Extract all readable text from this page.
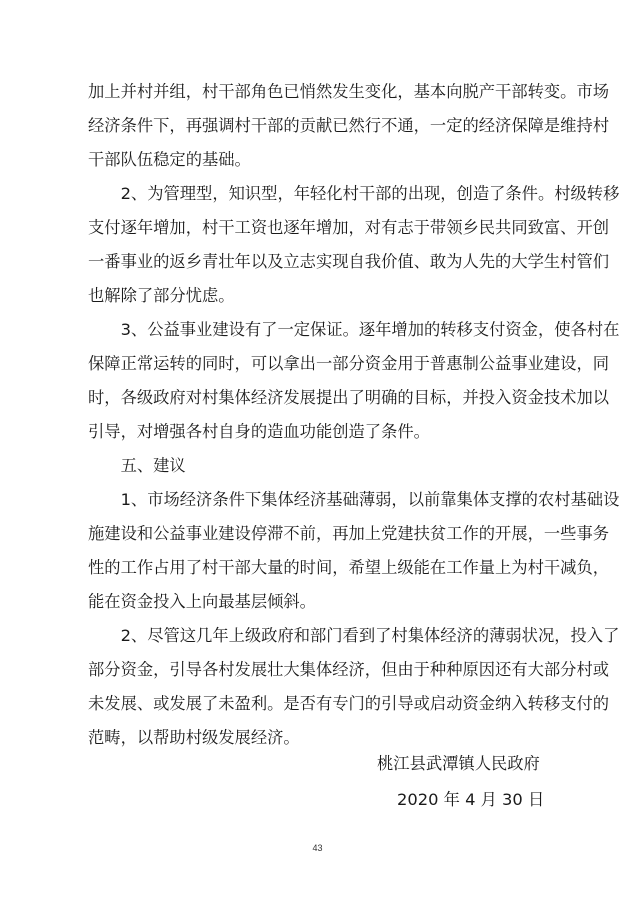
加上并村并组，村干部角色已悄然发生变化，基本向脱产干部转变。市场
经济条件下，再强调村干部的贡献已然行不通，一定的经济保障是维持村
干部队伍稳定的基础。
　　2、为管理型，知识型，年轻化村干部的出现，创造了条件。村级转移
支付逐年增加，村干工资也逐年增加，对有志于带领乡民共同致富、开创
一番事业的返乡青壮年以及立志实现自我价值、敢为人先的大学生村管们
也解除了部分忧虑。
　　3、公益事业建设有了一定保证。逐年增加的转移支付资金，使各村在
保障正常运转的同时，可以拿出一部分资金用于普惠制公益事业建设，同
时，各级政府对村集体经济发展提出了明确的目标，并投入资金技术加以
引导，对增强各村自身的造血功能创造了条件。
　　五、建议
　　1、市场经济条件下集体经济基础薄弱，以前靠集体支撑的农村基础设
施建设和公益事业建设停滞不前，再加上党建扶贫工作的开展，一些事务
性的工作占用了村干部大量的时间，希望上级能在工作量上为村干减负，
能在资金投入上向最基层倾斜。
　　2、尽管这几年上级政府和部门看到了村集体经济的薄弱状况，投入了
部分资金，引导各村发展壮大集体经济，但由于种种原因还有大部分村或
未发展、或发展了未盈利。是否有专门的引导或启动资金纳入转移支付的
范畴，以帮助村级发展经济。
桃江县武潭镇人民政府
2020 年 4 月 30 日
43
